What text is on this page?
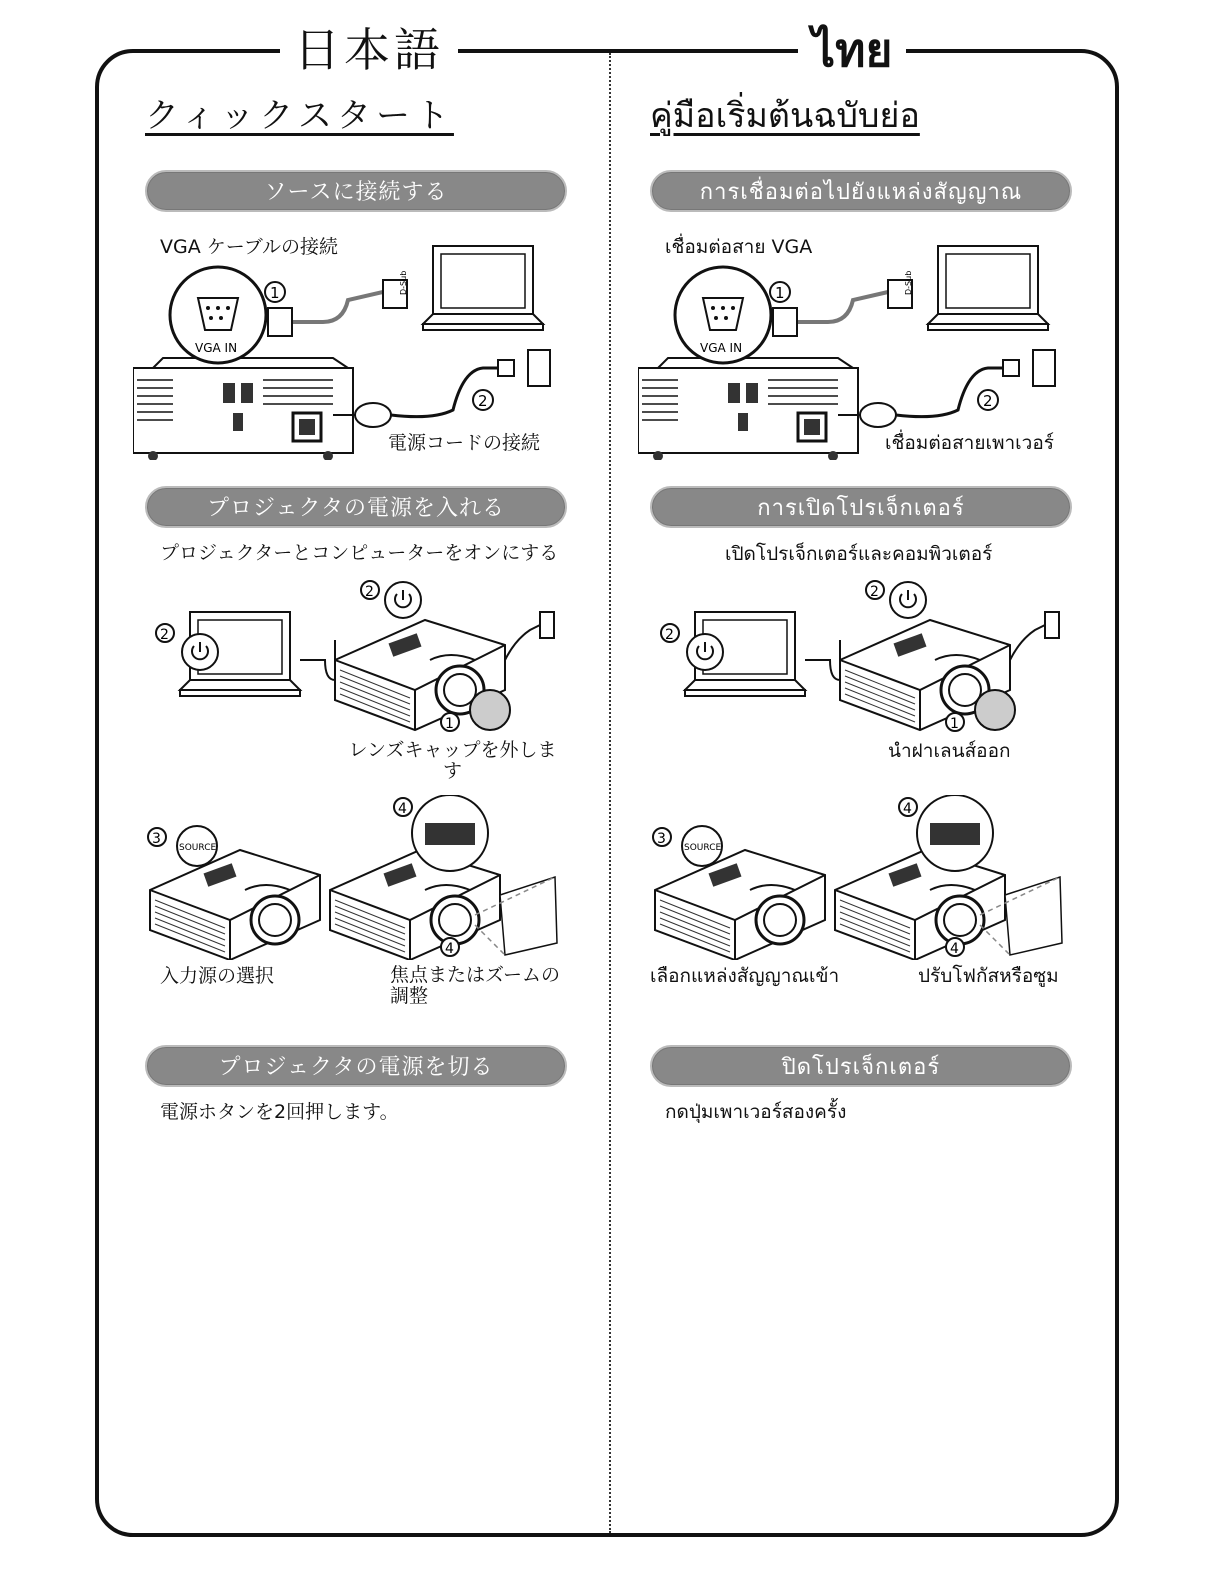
日本語	ไทย
クィックスタート
ソースに接続する
VGA ケーブルの接続
D-Sub
1
VGA IN
2
電源コードの接続
プロジェクタの電源を入れる
プロジェクターとコンピューターをオンにする
2
2
1
レンズキャップを外します
SOURCE
3
4
4
入力源の選択	焦点またはズームの調整
プロジェクタの電源を切る
電源ホタンを2回押します。
คู่มือเริ่มต้นฉบับย่อ
การเชื่อมต่อไปยังแหล่งสัญญาณ
เชื่อมต่อสาย VGA
D-Sub
1
VGA IN
2
เชื่อมต่อสายเพาเวอร์
การเปิดโปรเจ็กเตอร์
เปิดโปรเจ็กเตอร์และคอมพิวเตอร์
2
2
1
นำฝาเลนส์ออก
SOURCE
3
4
4
เลือกแหล่งสัญญาณเข้า	ปรับโฟกัสหรือซูม
ปิดโปรเจ็กเตอร์
กดปุ่มเพาเวอร์สองครั้ง
